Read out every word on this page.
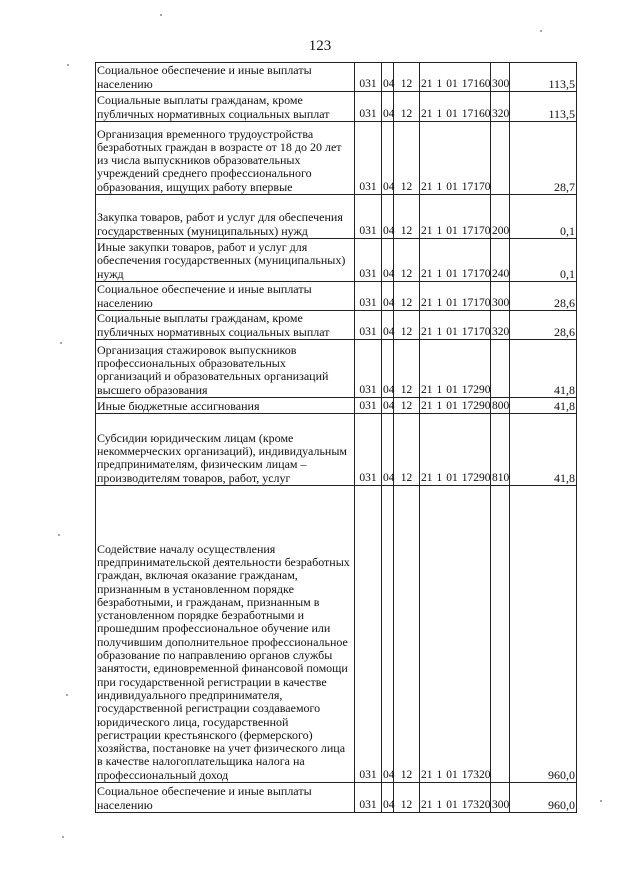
123
Социальное обеспечение и иные выплаты населению	031	04	12	21 1 01 17160	300	113,5

Социальные выплаты гражданам, кроме публичных нормативных социальных выплат	031	04	12	21 1 01 17160	320	113,5

Организация временного трудоустройства безработных граждан в возрасте от 18 до 20 лет из числа выпускников образовательных учреждений среднего профессионального образования, ищущих работу впервые	031	04	12	21 1 01 17170		28,7

Закупка товаров, работ и услуг для обеспечения государственных (муниципальных) нужд	031	04	12	21 1 01 17170	200	0,1

Иные закупки товаров, работ и услуг для обеспечения государственных (муниципальных) нужд	031	04	12	21 1 01 17170	240	0,1

Социальное обеспечение и иные выплаты населению	031	04	12	21 1 01 17170	300	28,6

Социальные выплаты гражданам, кроме публичных нормативных социальных выплат	031	04	12	21 1 01 17170	320	28,6

Организация стажировок выпускников профессиональных образовательных организаций и образовательных организаций высшего образования	031	04	12	21 1 01 17290		41,8

Иные бюджетные ассигнования	031	04	12	21 1 01 17290	800	41,8

Субсидии юридическим лицам (кроме некоммерческих организаций), индивидуальным предпринимателям, физическим лицам – производителям товаров, работ, услуг	031	04	12	21 1 01 17290	810	41,8

Содействие началу осуществления предпринимательской деятельности безработных граждан, включая оказание гражданам, признанным в установленном порядке безработными, и гражданам, признанным в установленном порядке безработными и прошедшим профессиональное обучение или получившим дополнительное профессиональное образование по направлению органов службы занятости, единовременной финансовой помощи при государственной регистрации в качестве индивидуального предпринимателя, государственной регистрации создаваемого юридического лица, государственной регистрации крестьянского (фермерского) хозяйства, постановке на учет физического лица в качестве налогоплательщика налога на профессиональный доход	031	04	12	21 1 01 17320		960,0

Социальное обеспечение и иные выплаты населению	031	04	12	21 1 01 17320	300	960,0
